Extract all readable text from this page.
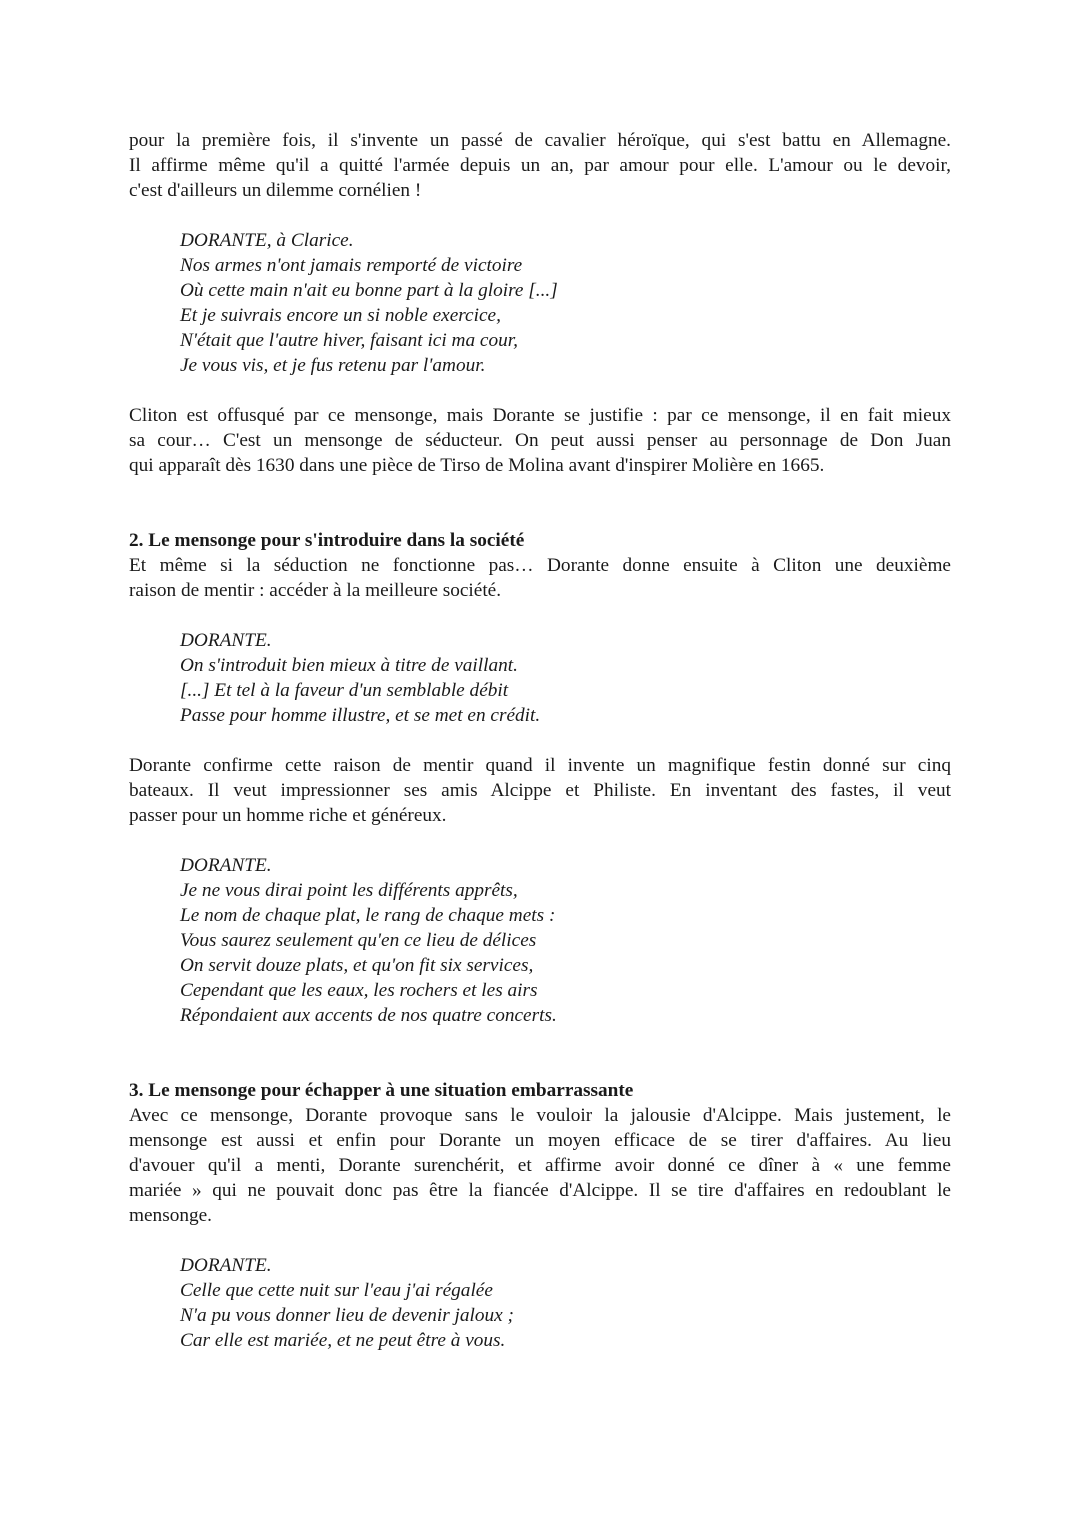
pour la première fois, il s'invente un passé de cavalier héroïque, qui s'est battu en Allemagne.
Il affirme même qu'il a quitté l'armée depuis un an, par amour pour elle. L'amour ou le devoir,
c'est d'ailleurs un dilemme cornélien !

DORANTE, à Clarice.
Nos armes n'ont jamais remporté de victoire
Où cette main n'ait eu bonne part à la gloire [...]
Et je suivrais encore un si noble exercice,
N'était que l'autre hiver, faisant ici ma cour,
Je vous vis, et je fus retenu par l'amour.

Cliton est offusqué par ce mensonge, mais Dorante se justifie : par ce mensonge, il en fait mieux
sa cour… C'est un mensonge de séducteur. On peut aussi penser au personnage de Don Juan
qui apparaît dès 1630 dans une pièce de Tirso de Molina avant d'inspirer Molière en 1665.

2. Le mensonge pour s'introduire dans la société

Et même si la séduction ne fonctionne pas… Dorante donne ensuite à Cliton une deuxième
raison de mentir : accéder à la meilleure société.

DORANTE.
On s'introduit bien mieux à titre de vaillant.
[...] Et tel à la faveur d'un semblable débit
Passe pour homme illustre, et se met en crédit.

Dorante confirme cette raison de mentir quand il invente un magnifique festin donné sur cinq
bateaux. Il veut impressionner ses amis Alcippe et Philiste. En inventant des fastes, il veut
passer pour un homme riche et généreux.

DORANTE.
Je ne vous dirai point les différents apprêts,
Le nom de chaque plat, le rang de chaque mets :
Vous saurez seulement qu'en ce lieu de délices
On servit douze plats, et qu'on fit six services,
Cependant que les eaux, les rochers et les airs
Répondaient aux accents de nos quatre concerts.

3. Le mensonge pour échapper à une situation embarrassante

Avec ce mensonge, Dorante provoque sans le vouloir la jalousie d'Alcippe. Mais justement, le
mensonge est aussi et enfin pour Dorante un moyen efficace de se tirer d'affaires. Au lieu
d'avouer qu'il a menti, Dorante surenchérit, et affirme avoir donné ce dîner à « une femme
mariée » qui ne pouvait donc pas être la fiancée d'Alcippe. Il se tire d'affaires en redoublant le
mensonge.

DORANTE.
Celle que cette nuit sur l'eau j'ai régalée
N'a pu vous donner lieu de devenir jaloux ;
Car elle est mariée, et ne peut être à vous.
